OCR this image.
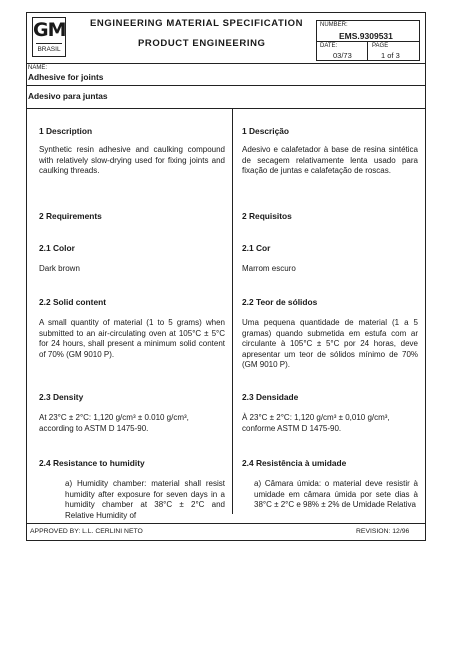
GM
BRASIL
ENGINEERING MATERIAL SPECIFICATION
PRODUCT ENGINEERING
NUMBER:
EMS.9309531
DATE:
03/73
PAGE
1 of 3
NAME:
Adhesive for joints
Adesivo para juntas
1 Description
Synthetic resin adhesive and caulking compound with relatively slow-drying used for fixing joints and caulking threads.
2 Requirements
2.1 Color
Dark brown
2.2 Solid content
A small quantity of material (1 to 5 grams) when submitted to an air-circulating oven at 105°C ± 5°C for 24 hours, shall present a minimum solid content of 70% (GM 9010 P).
2.3 Density
At 23°C ± 2°C: 1,120 g/cm³ ± 0.010 g/cm³, according to ASTM D 1475-90.
2.4 Resistance to humidity
a) Humidity chamber: material shall resist humidity after exposure for seven days in a humidity chamber at 38°C ± 2°C and Relative Humidity of
1 Descrição
Adesivo e calafetador à base de resina sintética de secagem relativamente lenta usado para fixação de juntas e calafetação de roscas.
2 Requisitos
2.1 Cor
Marrom escuro
2.2 Teor de sólidos
Uma pequena quantidade de material (1 a 5 gramas) quando submetida em estufa com ar circulante à 105°C ± 5°C por 24 horas, deve apresentar um teor de sólidos mínimo de 70% (GM 9010 P).
2.3 Densidade
À 23°C ± 2°C: 1,120 g/cm³ ± 0,010 g/cm³, conforme ASTM D 1475-90.
2.4 Resistência à umidade
a) Câmara úmida: o material deve resistir à umidade em câmara úmida por sete dias à 38°C ± 2°C e 98% ± 2% de Umidade Relativa
APPROVED BY: L.L. CERLINI NETO	REVISION: 12/96
